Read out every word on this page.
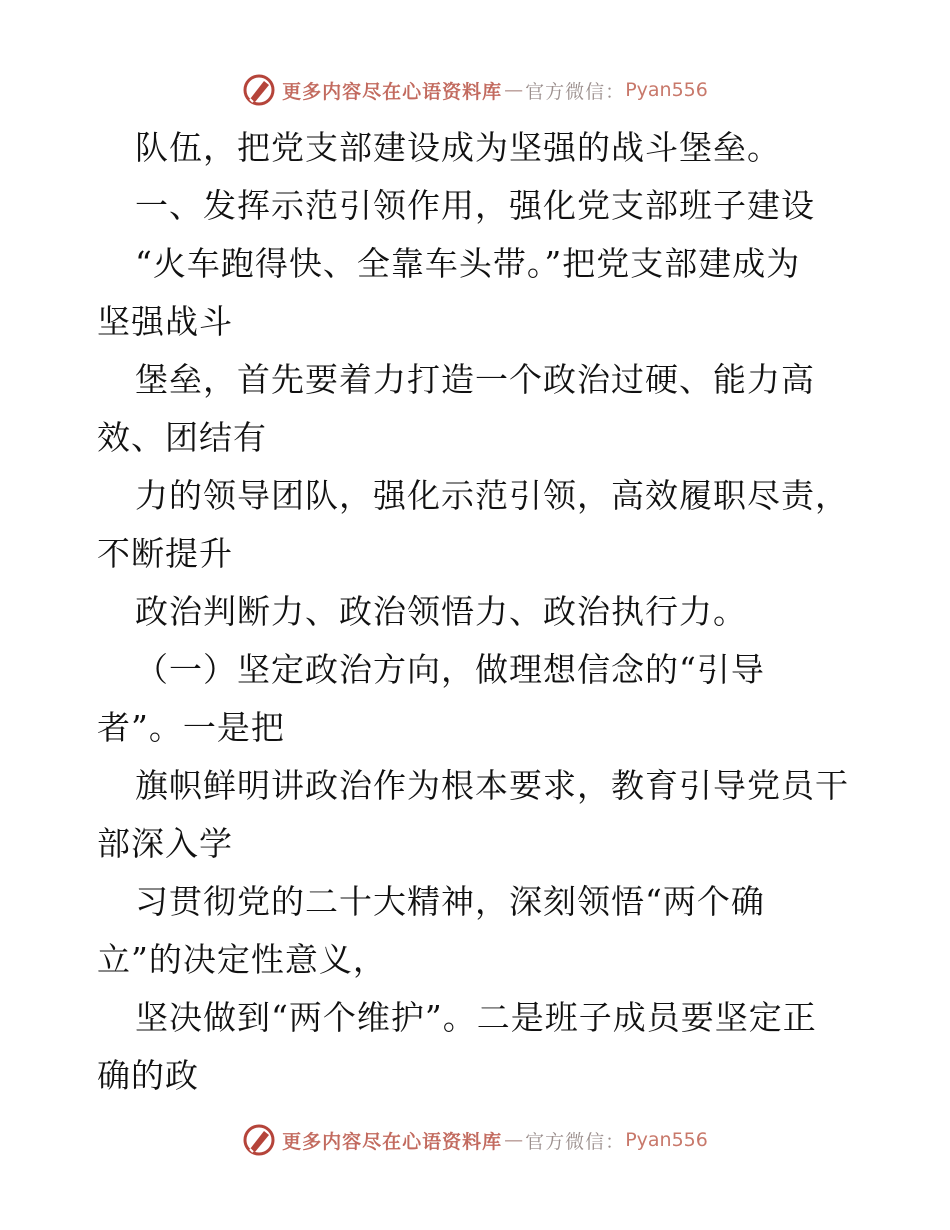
更多内容尽在心语资料库 — 官方微信： Pyan556
队伍，把党支部建设成为坚强的战斗堡垒。
一、发挥示范引领作用，强化党支部班子建设
“火车跑得快、全靠车头带。”把党支部建成为
坚强战斗
堡垒，首先要着力打造一个政治过硬、能力高
效、团结有
力的领导团队，强化示范引领，高效履职尽责，
不断提升
政治判断力、政治领悟力、政治执行力。
（一）坚定政治方向，做理想信念的“引导
者”。一是把
旗帜鲜明讲政治作为根本要求，教育引导党员干
部深入学
习贯彻党的二十大精神，深刻领悟“两个确
立”的决定性意义，
坚决做到“两个维护”。二是班子成员要坚定正
确的政
更多内容尽在心语资料库 — 官方微信： Pyan556
